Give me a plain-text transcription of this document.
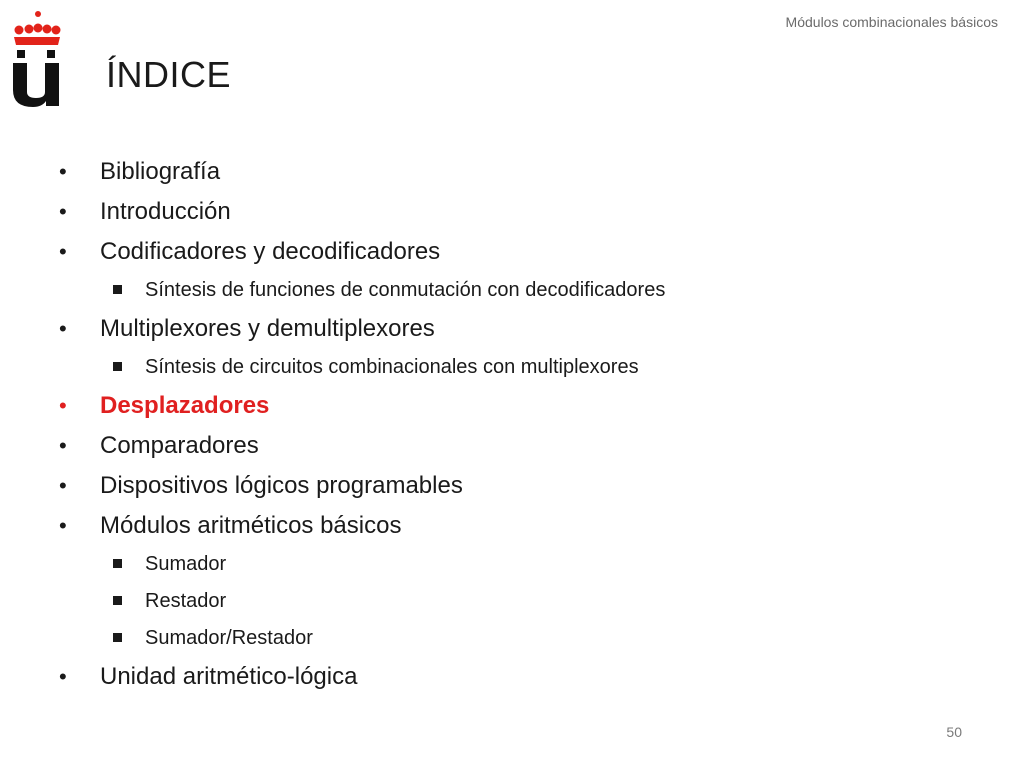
Módulos combinacionales básicos
ÍNDICE
• Bibliografía
• Introducción
• Codificadores y decodificadores
Síntesis de funciones de conmutación con decodificadores
• Multiplexores y demultiplexores
Síntesis de circuitos combinacionales con multiplexores
• Desplazadores
• Comparadores
• Dispositivos lógicos programables
• Módulos aritméticos básicos
Sumador
Restador
Sumador/Restador
• Unidad aritmético-lógica
50
